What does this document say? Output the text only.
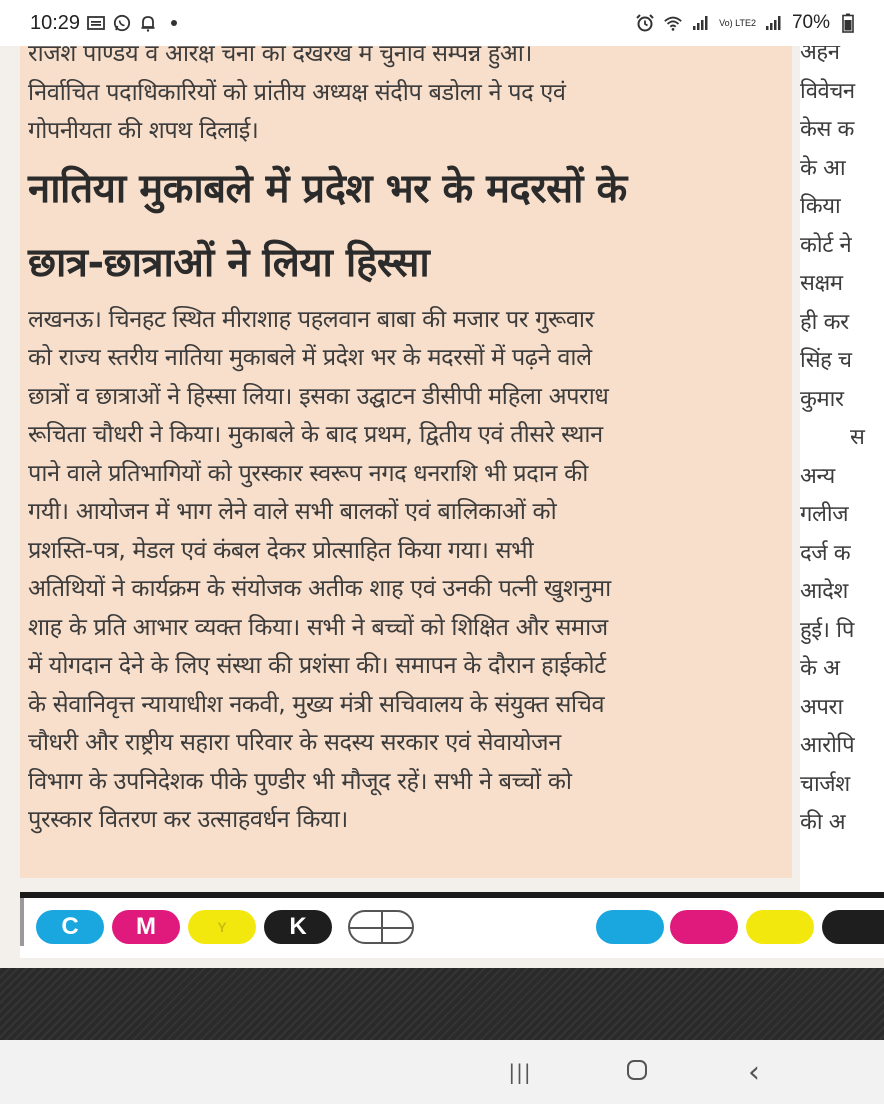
10:29	Vo) LTE2 70%

राजश पाण्डय व आरक्ष चना का दखरख म चुनाव सम्पन्न हुआ।

निर्वाचित पदाधिकारियों को प्रांतीय अध्यक्ष संदीप बडोला ने पद एवं

गोपनीयता की शपथ दिलाई।

नातिया मुकाबले में प्रदेश भर के मदरसों के

छात्र-छात्राओं ने लिया हिस्सा

लखनऊ। चिनहट स्थित मीराशाह पहलवान बाबा की मजार पर गुरूवार

को राज्य स्तरीय नातिया मुकाबले में प्रदेश भर के मदरसों में पढ़ने वाले

छात्रों व छात्राओं ने हिस्सा लिया। इसका उद्घाटन डीसीपी महिला अपराध

रूचिता चौधरी ने किया। मुकाबले के बाद प्रथम, द्वितीय एवं तीसरे स्थान

पाने वाले प्रतिभागियों को पुरस्कार स्वरूप नगद धनराशि भी प्रदान की

गयी। आयोजन में भाग लेने वाले सभी बालकों एवं बालिकाओं को

प्रशस्ति-पत्र, मेडल एवं कंबल देकर प्रोत्साहित किया गया। सभी

अतिथियों ने कार्यक्रम के संयोजक अतीक शाह एवं उनकी पत्नी खुशनुमा

शाह के प्रति आभार व्यक्त किया। सभी ने बच्चों को शिक्षित और समाज

में योगदान देने के लिए संस्था की प्रशंसा की। समापन के दौरान हाईकोर्ट

के सेवानिवृत्त न्यायाधीश नकवी, मुख्य मंत्री सचिवालय के संयुक्त सचिव

चौधरी और राष्ट्रीय सहारा परिवार के सदस्य सरकार एवं सेवायोजन

विभाग के उपनिदेशक पीके पुण्डीर भी मौजूद रहें। सभी ने बच्चों को

पुरस्कार वितरण कर उत्साहवर्धन किया।

अहन

विवेचन

केस क

के आ

किया

कोर्ट ने

सक्षम

ही कर

सिंह च

कुमार

स

अन्य

गलीज

दर्ज क

आदेश

हुई। पि

के अ

अपरा

आरोपि

चार्जश

की अ

C	M	Y	K
|||	‹
